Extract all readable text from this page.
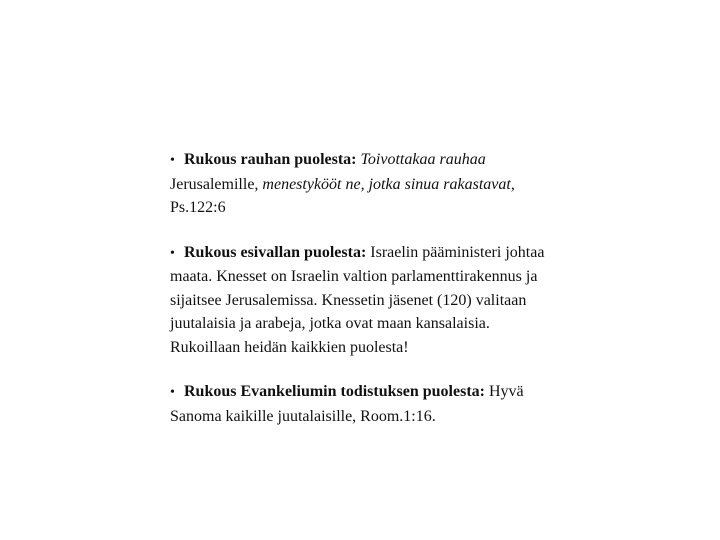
• Rukous rauhan puolesta: Toivottakaa rauhaa
Jerusalemille, menestykööt ne, jotka sinua rakastavat,
Ps.122:6
• Rukous esivallan puolesta: Israelin pääministeri johtaa
maata. Knesset on Israelin valtion parlamenttirakennus ja
sijaitsee Jerusalemissa. Knessetin jäsenet (120) valitaan
juutalaisia ja arabeja, jotka ovat maan kansalaisia.
Rukoillaan heidän kaikkien puolesta!
• Rukous Evankeliumin todistuksen puolesta: Hyvä
Sanoma kaikille juutalaisille, Room.1:16.
